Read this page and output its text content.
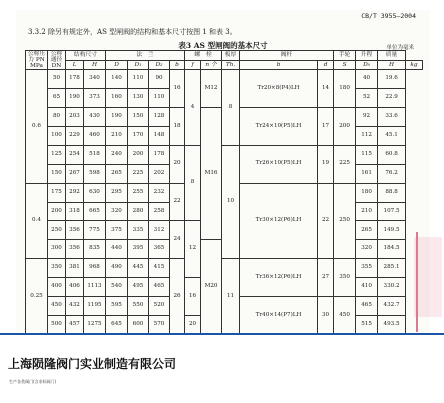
CB/T 3955—2004
3.3.2 除另有规定外，AS 型闸阀的结构和基本尺寸按图 1 和表 3。
表3 AS 型闸阀的基本尺寸	单位为毫米
公称压力 PN MPa	公称通径 DN	结构尺寸		法　兰				螺　栓		板厚	阀杆		手轮	升程	质量	
		L	H	D	D₁	D₂	b	f	n 个	Th.	b	d	S	D₀	H	kg
0.6	50	178	340	140	110	90	16	4	M12	8	Tr20×8(P4)LH	14	180	40	19.6	
	65	190	373	160	130	110								52	22.9	
	80	203	430	190	150	128	18		M16		Tr24×10(P5)LH	17	200	92	33.6	
	100	229	460	210	170	148								112	45.1	
	125	254	518	240	200	178	20	8		10	Tr26×10(P5)LH	19	225	115	60.8	
	150	267	598	265	225	202								161	76.2	
0.4	175	292	630	295	255	232	22				Tr30×12(P6)LH	22	250	180	88.8	
	200	318	665	320	280	258								210	107.5	
	250	356	775	375	335	312	24	12						265	149.5	
	300	356	835	440	395	365			M20					320	184.5	
0.25	350	381	968	490	445	415	26			11	Tr36×12(P6)LH	27	350	355	285.1	
	400	406	1113	540	495	465		16						410	330.2	
	450	432	1195	595	550	520					Tr40×14(P7)LH	30	450	465	432.7	
	500	457	1275	645	600	570		20						515	493.5	
上海陨隆阀门实业制造有限公司
生产各类阀门(含非标阀门)
